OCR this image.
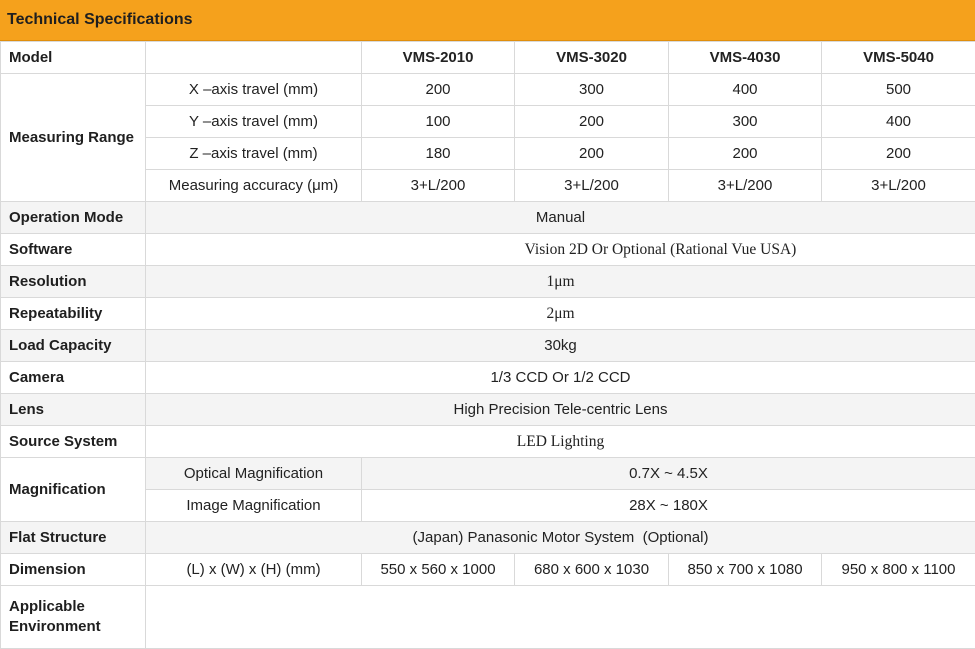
Technical Specifications
Model		VMS-2010	VMS-3020	VMS-4030	VMS-5040
Measuring Range	X –axis travel (mm)	200	300	400	500
	Y –axis travel (mm)	100	200	300	400
	Z –axis travel (mm)	180	200	200	200
	Measuring accuracy (μm)	3+L/200	3+L/200	3+L/200	3+L/200
Operation Mode	Manual				
Software	Vision 2D Or Optional (Rational Vue USA)				
Resolution	1μm				
Repeatability	2μm				
Load Capacity	30kg				
Camera	1/3 CCD Or 1/2 CCD				
Lens	High Precision Tele-centric Lens				
Source System	LED Lighting				
Magnification	Optical Magnification	0.7X ~ 4.5X			
	Image Magnification	28X ~ 180X			
Flat Structure	(Japan) Panasonic Motor System  (Optional)				
Dimension	(L) x (W) x (H) (mm)	550 x 560 x 1000	680 x 600 x 1030	850 x 700 x 1080	950 x 800 x 1100
Applicable Environment					
